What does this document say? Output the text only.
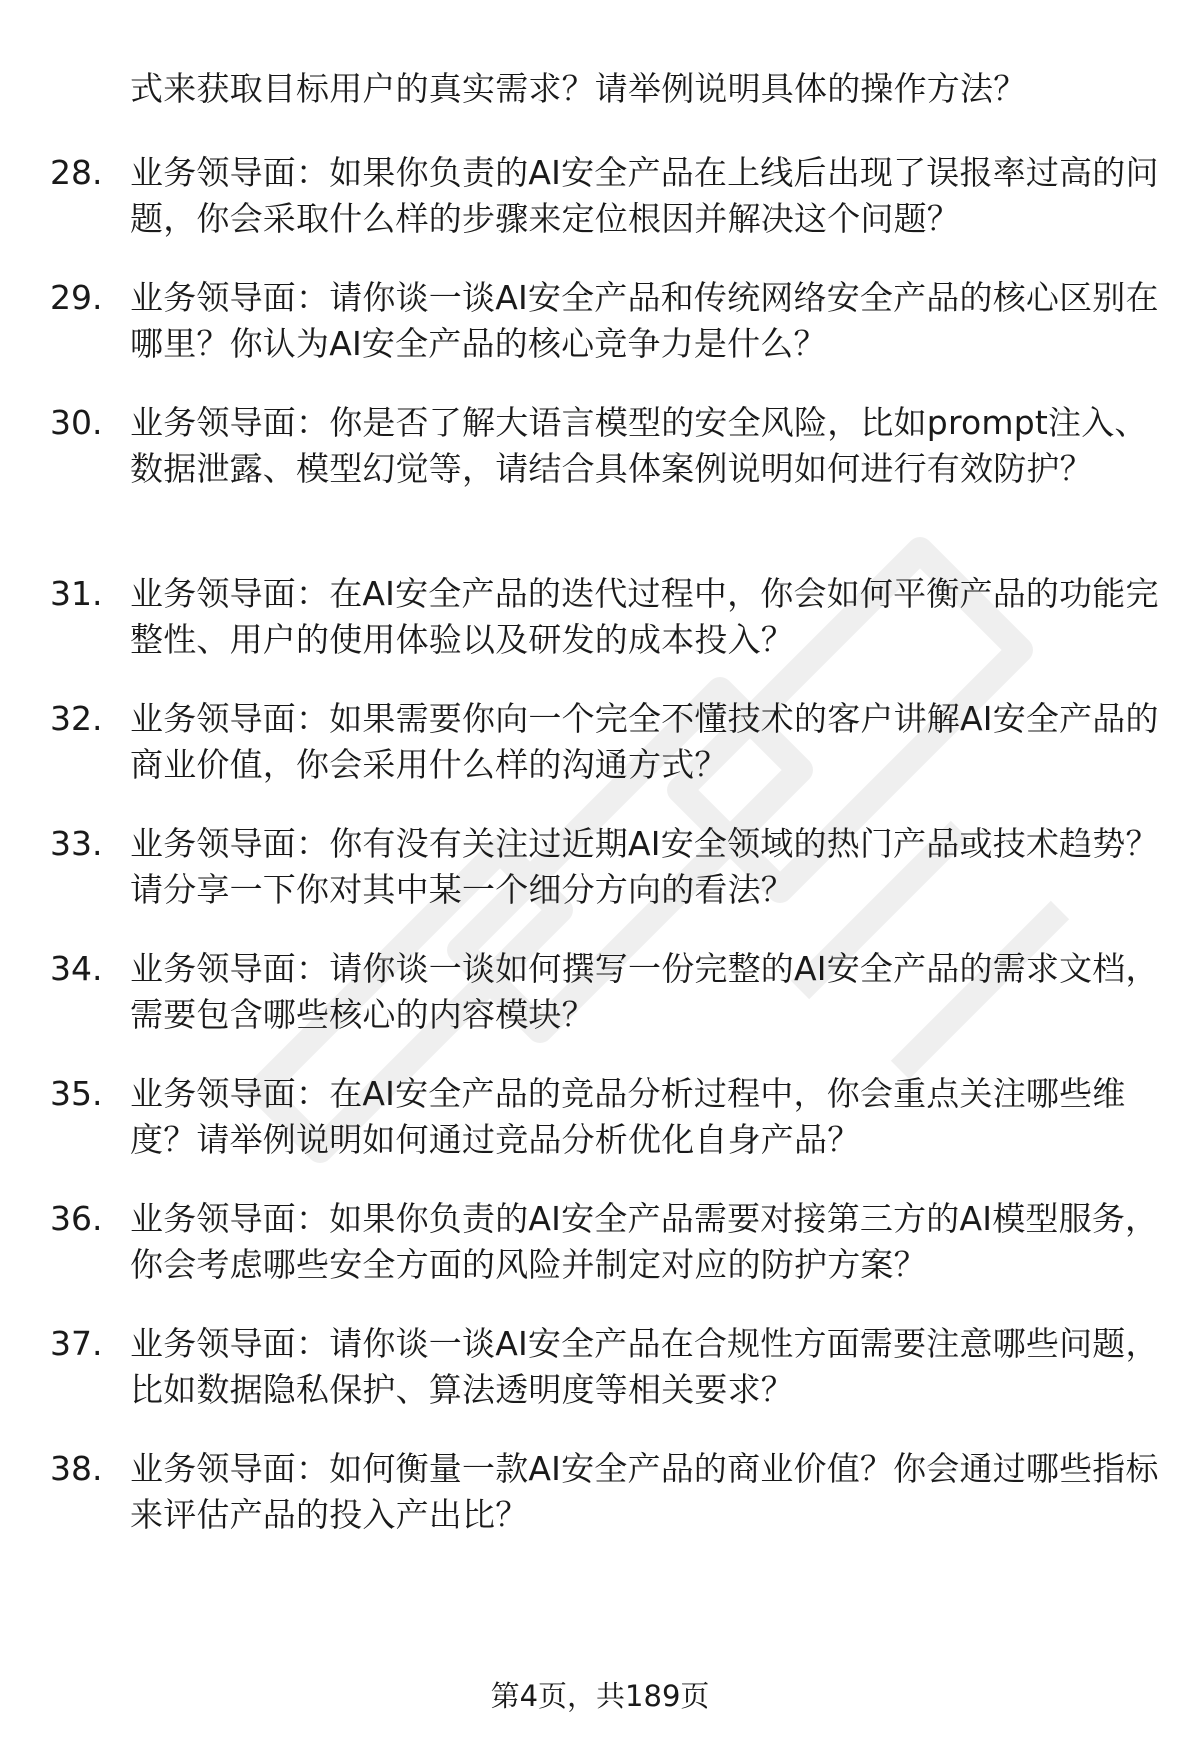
式来获取目标用户的真实需求？请举例说明具体的操作方法？
28. 业务领导面：如果你负责的AI安全产品在上线后出现了误报率过高的问题，你会采取什么样的步骤来定位根因并解决这个问题？
29. 业务领导面：请你谈一谈AI安全产品和传统网络安全产品的核心区别在哪里？你认为AI安全产品的核心竞争力是什么？
30. 业务领导面：你是否了解大语言模型的安全风险，比如prompt注入、数据泄露、模型幻觉等，请结合具体案例说明如何进行有效防护？
31. 业务领导面：在AI安全产品的迭代过程中，你会如何平衡产品的功能完整性、用户的使用体验以及研发的成本投入？
32. 业务领导面：如果需要你向一个完全不懂技术的客户讲解AI安全产品的商业价值，你会采用什么样的沟通方式？
33. 业务领导面：你有没有关注过近期AI安全领域的热门产品或技术趋势？请分享一下你对其中某一个细分方向的看法？
34. 业务领导面：请你谈一谈如何撰写一份完整的AI安全产品的需求文档，需要包含哪些核心的内容模块？
35. 业务领导面：在AI安全产品的竞品分析过程中，你会重点关注哪些维度？请举例说明如何通过竞品分析优化自身产品？
36. 业务领导面：如果你负责的AI安全产品需要对接第三方的AI模型服务，你会考虑哪些安全方面的风险并制定对应的防护方案？
37. 业务领导面：请你谈一谈AI安全产品在合规性方面需要注意哪些问题，比如数据隐私保护、算法透明度等相关要求？
38. 业务领导面：如何衡量一款AI安全产品的商业价值？你会通过哪些指标来评估产品的投入产出比？
第4页，共189页
